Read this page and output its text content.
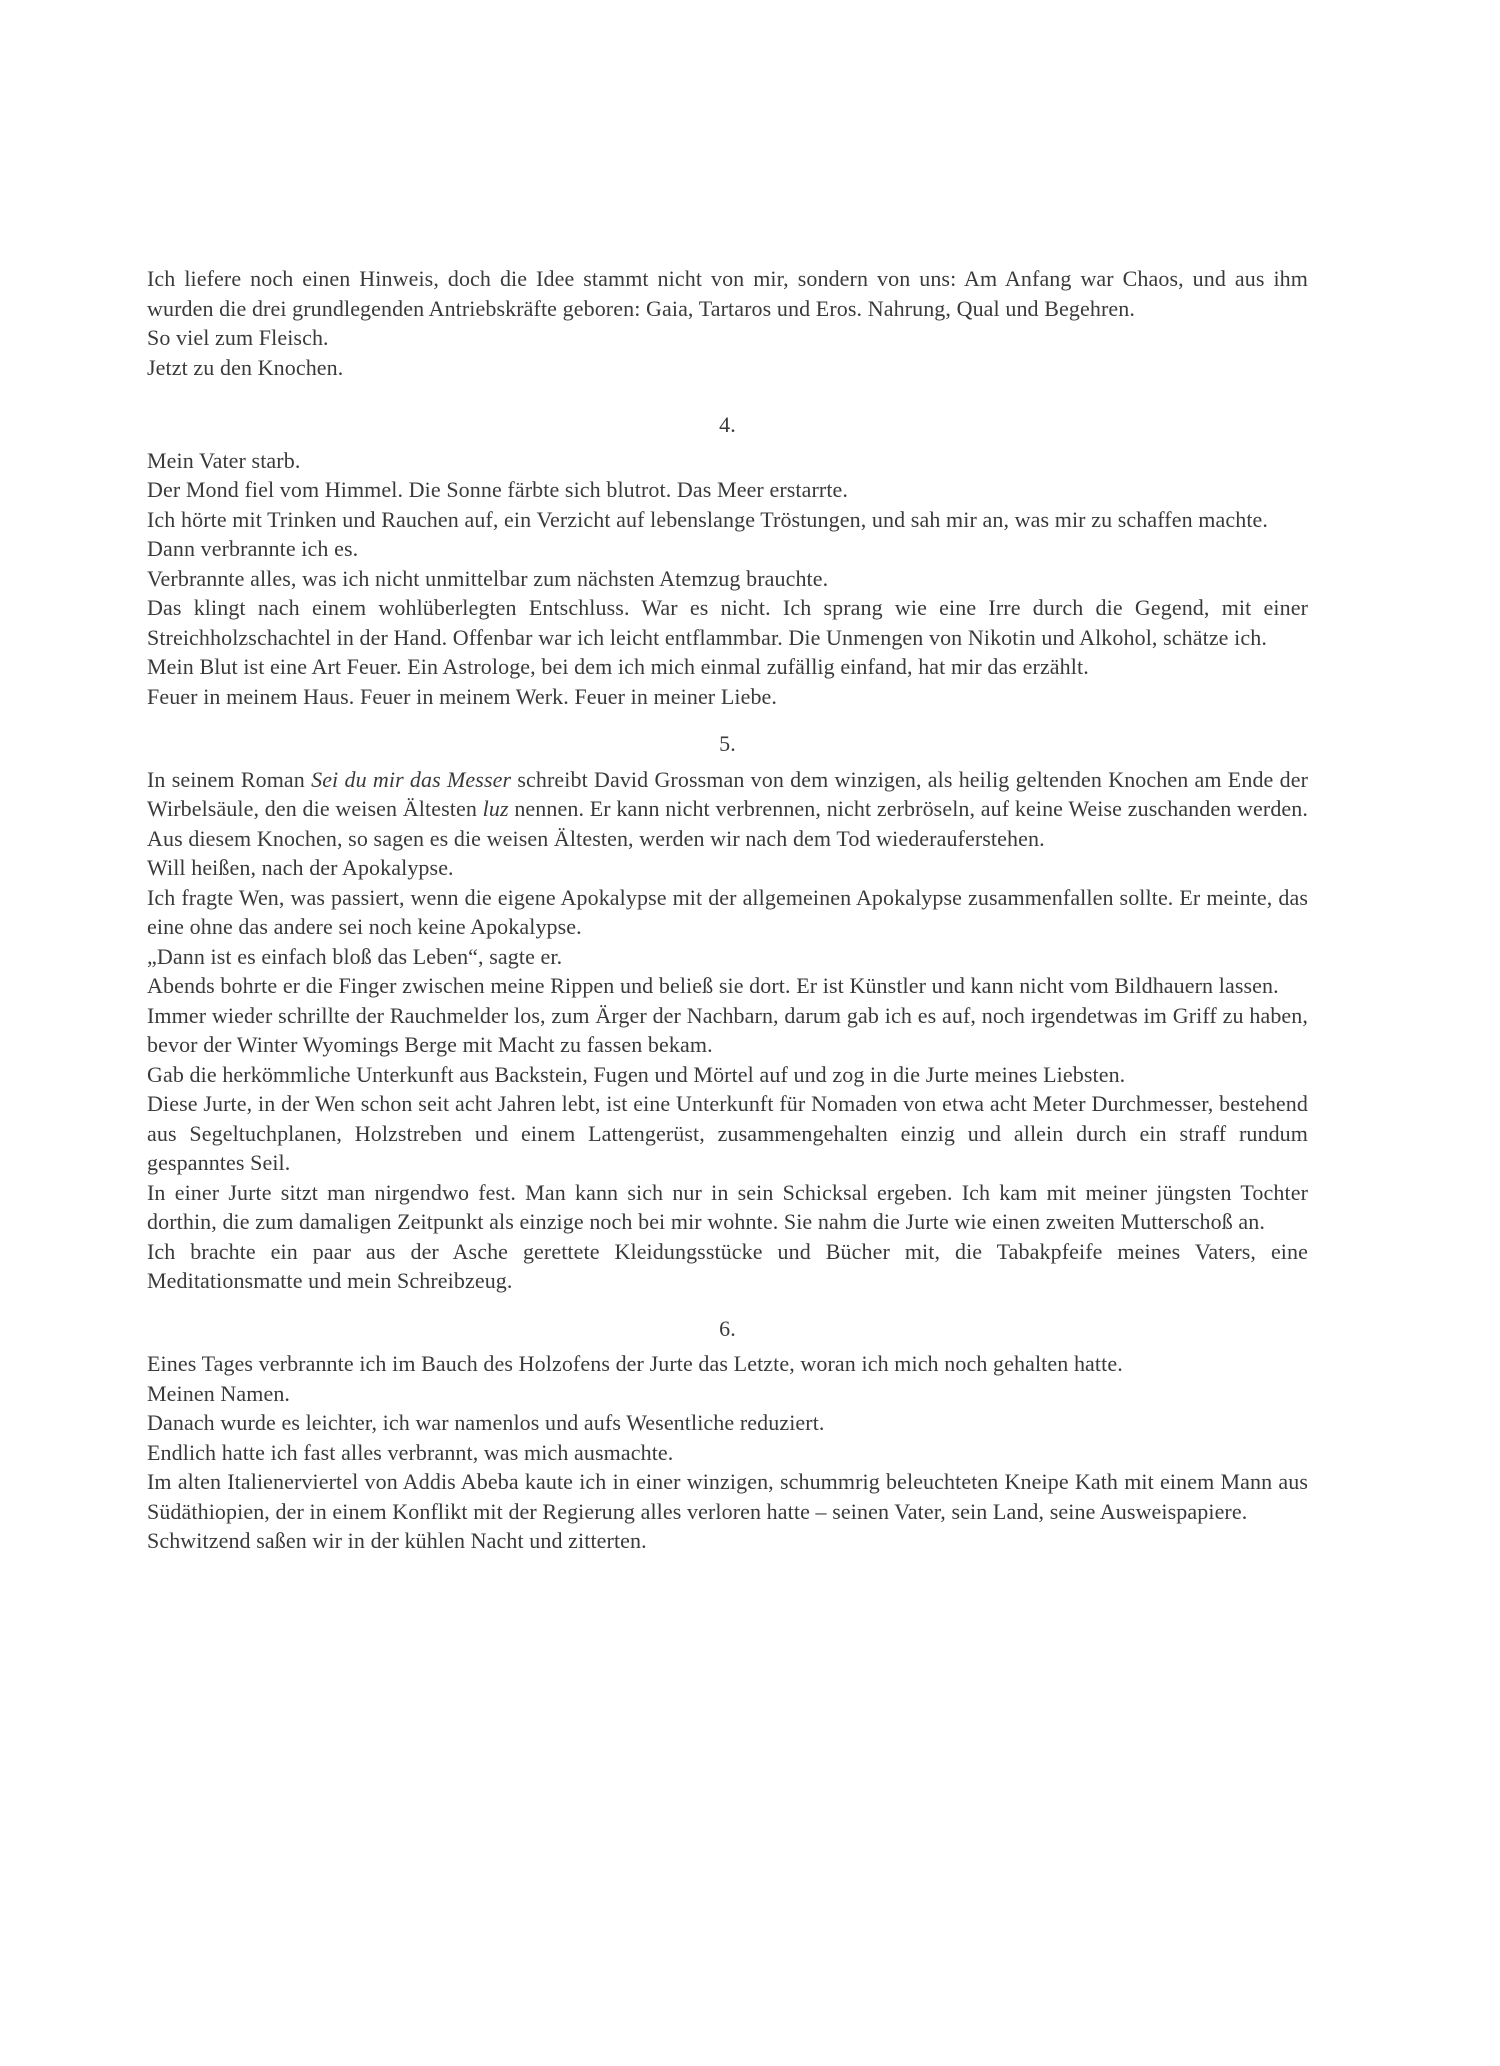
Ich liefere noch einen Hinweis, doch die Idee stammt nicht von mir, sondern von uns: Am Anfang war Chaos, und aus ihm wurden die drei grundlegenden Antriebskräfte geboren: Gaia, Tartaros und Eros. Nahrung, Qual und Begehren.

So viel zum Fleisch.

Jetzt zu den Knochen.

4.

Mein Vater starb.

Der Mond fiel vom Himmel. Die Sonne färbte sich blutrot. Das Meer erstarrte.

Ich hörte mit Trinken und Rauchen auf, ein Verzicht auf lebenslange Tröstungen, und sah mir an, was mir zu schaffen machte.

Dann verbrannte ich es.

Verbrannte alles, was ich nicht unmittelbar zum nächsten Atemzug brauchte.

Das klingt nach einem wohlüberlegten Entschluss. War es nicht. Ich sprang wie eine Irre durch die Gegend, mit einer Streichholzschachtel in der Hand. Offenbar war ich leicht entflammbar. Die Unmengen von Nikotin und Alkohol, schätze ich.

Mein Blut ist eine Art Feuer. Ein Astrologe, bei dem ich mich einmal zufällig einfand, hat mir das erzählt.

Feuer in meinem Haus. Feuer in meinem Werk. Feuer in meiner Liebe.

5.

In seinem Roman Sei du mir das Messer schreibt David Grossman von dem winzigen, als heilig geltenden Knochen am Ende der Wirbelsäule, den die weisen Ältesten luz nennen. Er kann nicht verbrennen, nicht zerbröseln, auf keine Weise zuschanden werden. Aus diesem Knochen, so sagen es die weisen Ältesten, werden wir nach dem Tod wiederauferstehen.

Will heißen, nach der Apokalypse.

Ich fragte Wen, was passiert, wenn die eigene Apokalypse mit der allgemeinen Apokalypse zusammenfallen sollte. Er meinte, das eine ohne das andere sei noch keine Apokalypse.

„Dann ist es einfach bloß das Leben“, sagte er.

Abends bohrte er die Finger zwischen meine Rippen und beließ sie dort. Er ist Künstler und kann nicht vom Bildhauern lassen.

Immer wieder schrillte der Rauchmelder los, zum Ärger der Nachbarn, darum gab ich es auf, noch irgendetwas im Griff zu haben, bevor der Winter Wyomings Berge mit Macht zu fassen bekam.

Gab die herkömmliche Unterkunft aus Backstein, Fugen und Mörtel auf und zog in die Jurte meines Liebsten.

Diese Jurte, in der Wen schon seit acht Jahren lebt, ist eine Unterkunft für Nomaden von etwa acht Meter Durchmesser, bestehend aus Segeltuchplanen, Holzstreben und einem Lattengerüst, zusammengehalten einzig und allein durch ein straff rundum gespanntes Seil.

In einer Jurte sitzt man nirgendwo fest. Man kann sich nur in sein Schicksal ergeben. Ich kam mit meiner jüngsten Tochter dorthin, die zum damaligen Zeitpunkt als einzige noch bei mir wohnte. Sie nahm die Jurte wie einen zweiten Mutterschoß an.

Ich brachte ein paar aus der Asche gerettete Kleidungsstücke und Bücher mit, die Tabakpfeife meines Vaters, eine Meditationsmatte und mein Schreibzeug.

6.

Eines Tages verbrannte ich im Bauch des Holzofens der Jurte das Letzte, woran ich mich noch gehalten hatte.

Meinen Namen.

Danach wurde es leichter, ich war namenlos und aufs Wesentliche reduziert.

Endlich hatte ich fast alles verbrannt, was mich ausmachte.

Im alten Italienerviertel von Addis Abeba kaute ich in einer winzigen, schummrig beleuchteten Kneipe Kath mit einem Mann aus Südäthiopien, der in einem Konflikt mit der Regierung alles verloren hatte – seinen Vater, sein Land, seine Ausweispapiere.

Schwitzend saßen wir in der kühlen Nacht und zitterten.
